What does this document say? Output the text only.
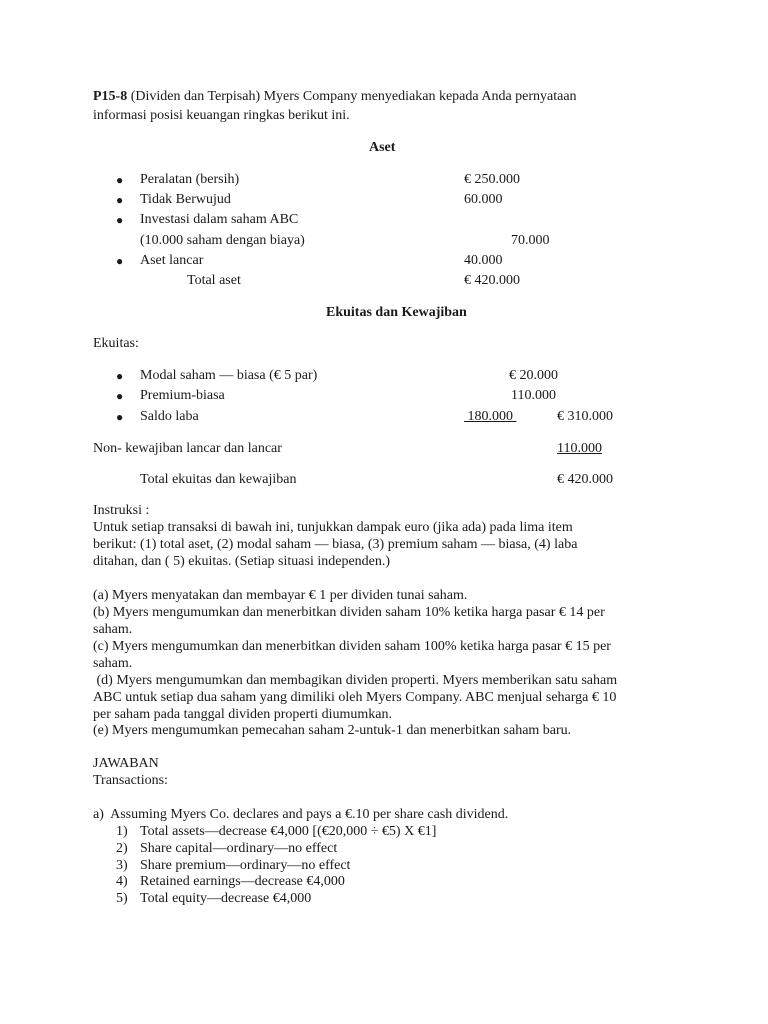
P15-8 (Dividen dan Terpisah) Myers Company menyediakan kepada Anda pernyataan
informasi posisi keuangan ringkas berikut ini.
Aset
● Peralatan (bersih)	€ 250.000
● Tidak Berwujud	60.000
● Investasi dalam saham ABC
(10.000 saham dengan biaya)	70.000
● Aset lancar	40.000
Total aset	€ 420.000
Ekuitas dan Kewajiban
Ekuitas:
● Modal saham — biasa (€ 5 par)	€ 20.000
● Premium-biasa	110.000
● Saldo laba	180.000	€ 310.000
Non- kewajiban lancar dan lancar	110.000
Total ekuitas dan kewajiban	€ 420.000
Instruksi :
Untuk setiap transaksi di bawah ini, tunjukkan dampak euro (jika ada) pada lima item
berikut: (1) total aset, (2) modal saham — biasa, (3) premium saham — biasa, (4) laba
ditahan, dan ( 5) ekuitas. (Setiap situasi independen.)
(a) Myers menyatakan dan membayar € 1 per dividen tunai saham.
(b) Myers mengumumkan dan menerbitkan dividen saham 10% ketika harga pasar € 14 per
saham.
(c) Myers mengumumkan dan menerbitkan dividen saham 100% ketika harga pasar € 15 per
saham.
(d) Myers mengumumkan dan membagikan dividen properti. Myers memberikan satu saham
ABC untuk setiap dua saham yang dimiliki oleh Myers Company. ABC menjual seharga € 10
per saham pada tanggal dividen properti diumumkan.
(e) Myers mengumumkan pemecahan saham 2-untuk-1 dan menerbitkan saham baru.
JAWABAN
Transactions:
a)  Assuming Myers Co. declares and pays a €.10 per share cash dividend.
1) Total assets—decrease €4,000 [(€20,000 ÷ €5) X €1]
2) Share capital—ordinary—no effect
3) Share premium—ordinary—no effect
4) Retained earnings—decrease €4,000
5) Total equity—decrease €4,000
